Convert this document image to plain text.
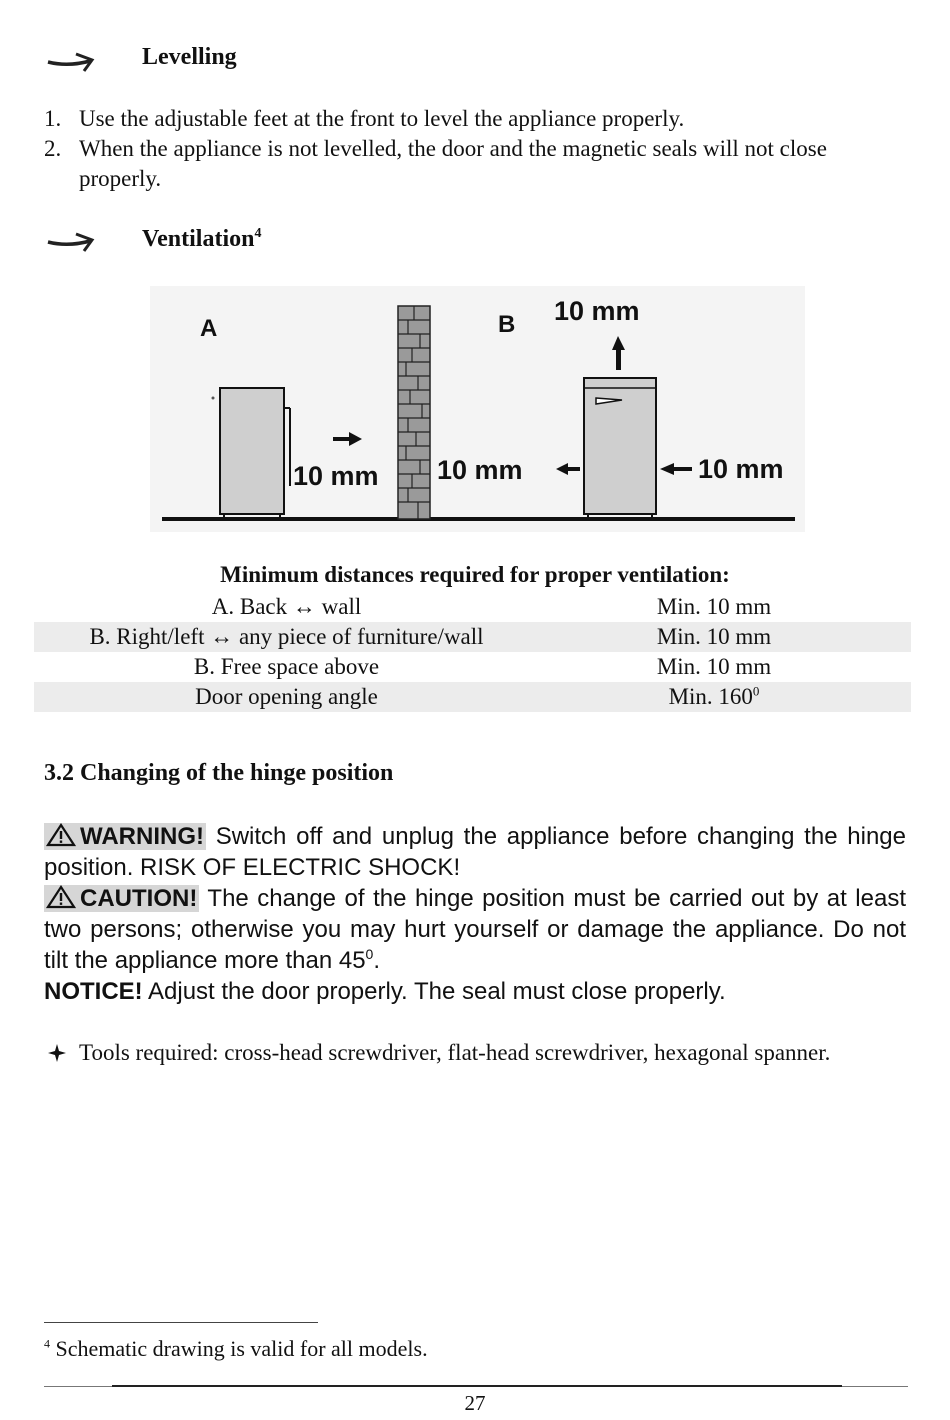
Levelling
1. Use the adjustable feet at the front to level the appliance properly.
2. When the appliance is not levelled, the door and the magnetic seals will not close properly.
Ventilation$^4$
A	B
10 mm 10 mm
10 mm
10 mm
Minimum distances required for proper ventilation:
A. Back ↔ wall	Min. 10 mm
B. Right/left ↔ any piece of furniture/wall	Min. 10 mm
B. Free space above	Min. 10 mm
Door opening angle	Min. $160^0$
3.2 Changing of the hinge position
WARNING! Switch off and unplug the appliance before changing the hinge position. RISK OF ELECTRIC SHOCK!
CAUTION! The change of the hinge position must be carried out by at least two persons; otherwise you may hurt yourself or damage the appliance. Do not tilt the appliance more than $45^0$.
NOTICE! Adjust the door properly. The seal must close properly.
Tools required: cross-head screwdriver, flat-head screwdriver, hexagonal spanner.
$^4$ Schematic drawing is valid for all models.
27
